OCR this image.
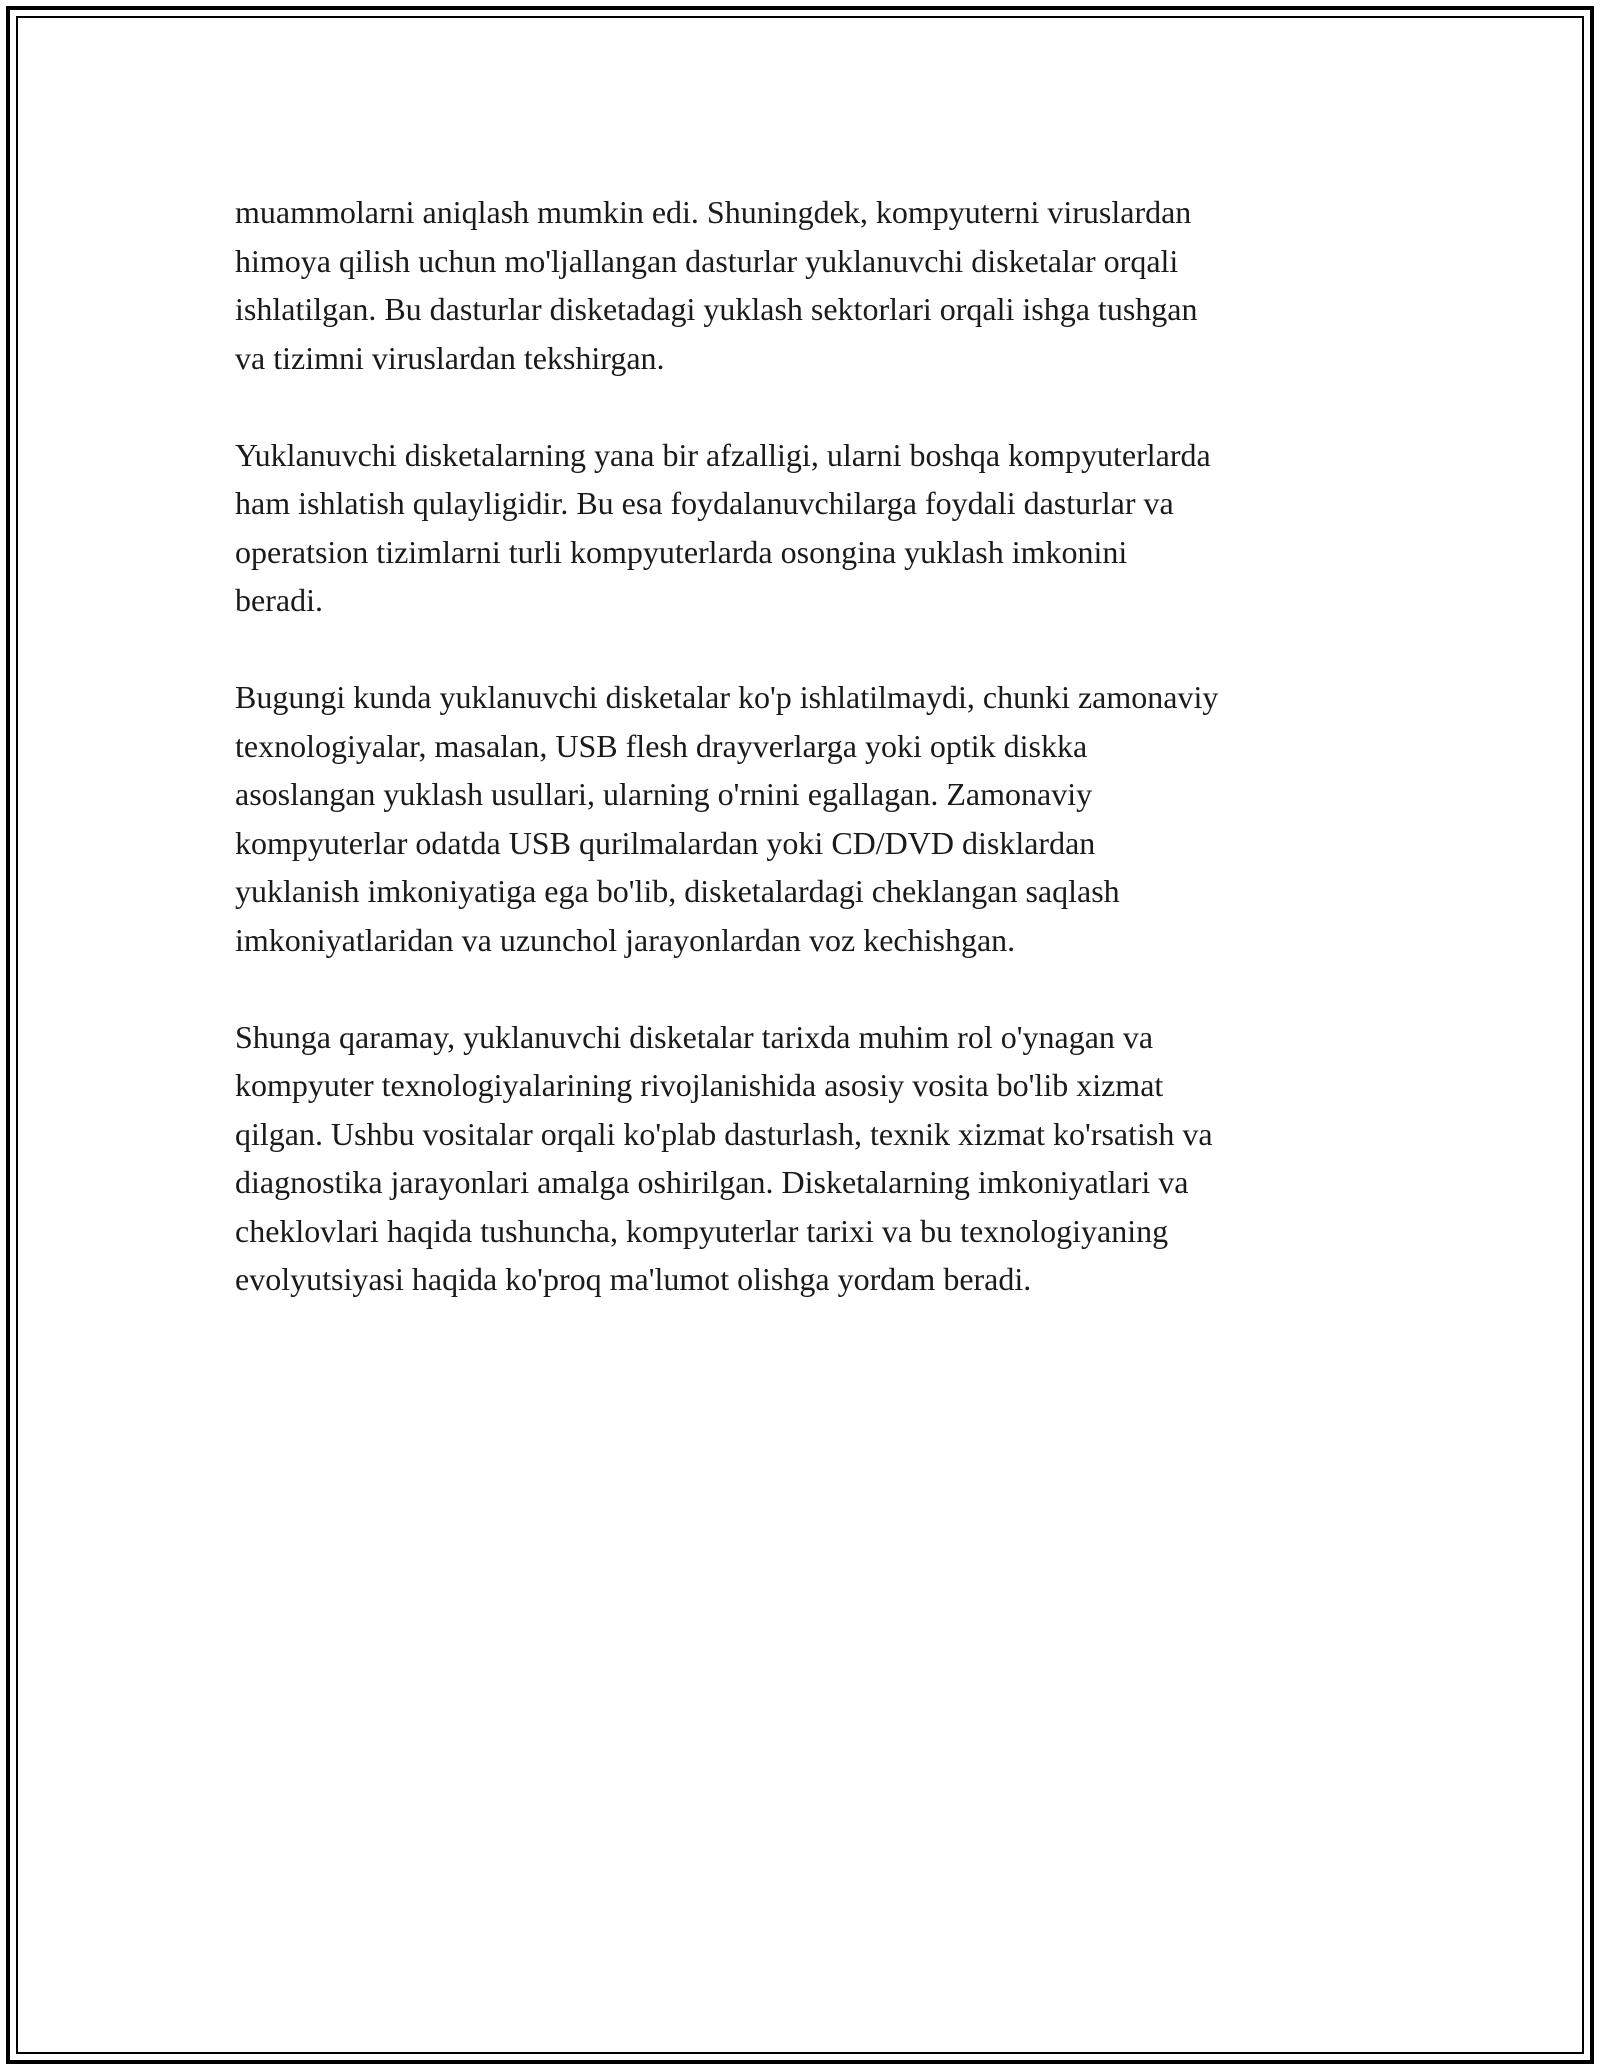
muammolarni aniqlash mumkin edi. Shuningdek, kompyuterni viruslardan
himoya qilish uchun mo'ljallangan dasturlar yuklanuvchi disketalar orqali
ishlatilgan. Bu dasturlar disketadagi yuklash sektorlari orqali ishga tushgan
va tizimni viruslardan tekshirgan.

Yuklanuvchi disketalarning yana bir afzalligi, ularni boshqa kompyuterlarda
ham ishlatish qulayligidir. Bu esa foydalanuvchilarga foydali dasturlar va
operatsion tizimlarni turli kompyuterlarda osongina yuklash imkonini
beradi.

Bugungi kunda yuklanuvchi disketalar ko'p ishlatilmaydi, chunki zamonaviy
texnologiyalar, masalan, USB flesh drayverlarga yoki optik diskka
asoslangan yuklash usullari, ularning o'rnini egallagan. Zamonaviy
kompyuterlar odatda USB qurilmalardan yoki CD/DVD disklardan
yuklanish imkoniyatiga ega bo'lib, disketalardagi cheklangan saqlash
imkoniyatlaridan va uzunchol jarayonlardan voz kechishgan.

Shunga qaramay, yuklanuvchi disketalar tarixda muhim rol o'ynagan va
kompyuter texnologiyalarining rivojlanishida asosiy vosita bo'lib xizmat
qilgan. Ushbu vositalar orqali ko'plab dasturlash, texnik xizmat ko'rsatish va
diagnostika jarayonlari amalga oshirilgan. Disketalarning imkoniyatlari va
cheklovlari haqida tushuncha, kompyuterlar tarixi va bu texnologiyaning
evolyutsiyasi haqida ko'proq ma'lumot olishga yordam beradi.
